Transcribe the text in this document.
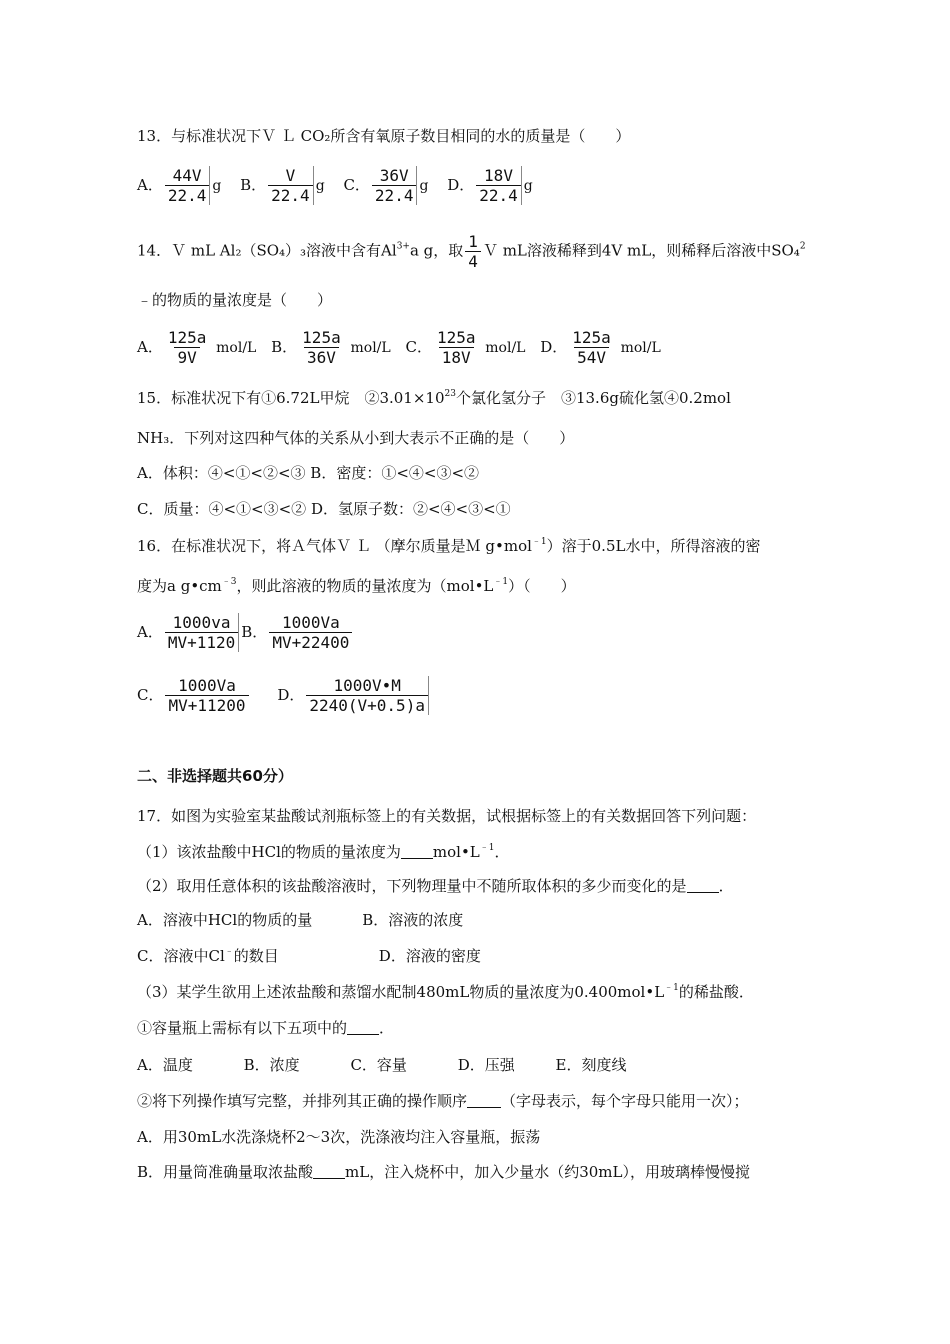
13．与标准状况下Ｖ Ｌ CO₂所含有氧原子数目相同的水的质量是（　　）
A． $\frac{44V}{22.4}$ g B． $\frac{V}{22.4}$ g C． $\frac{36V}{22.4}$ g D． $\frac{18V}{22.4}$ g
14．Ｖ mL Al₂（SO₄）₃溶液中含有$Al^{3+}a$ g，取 $\frac{1}{4}$ Ｖ mL溶液稀释到4V mL，则稀释后溶液中SO₄$^2$
﹣的物质的量浓度是（　　）
A． $\frac{125a}{9V} mol/L$ B． $\frac{125a}{36V} mol/L$ C． $\frac{125a}{18V} mol/L$ D． $\frac{125a}{54V} mol/L$
15．标准状况下有①6.72L甲烷　$②3.01\times 10^{23}$个氯化氢分子　③13.6g硫化氢④0.2mol
NH₃．下列对这四种气体的关系从小到大表示不正确的是（　　）
A．体积：④<①<②<③ B．密度：①<④<③<②
C．质量：④<①<③<② D．氢原子数：②<④<③<①
16．在标准状况下，将Ａ气体Ｖ Ｌ （摩尔质量是Ｍ g•mol$^{﹣1}$）溶于0.5L水中，所得溶液的密
度为a $g•cm^{﹣3}$，则此溶液的物质的量浓度为$(mol•L^{﹣1})$（　　）
A． $\frac{1000va}{MV+1120}$ B． $\frac{1000Va}{MV+22400}$
C． $\frac{1000Va}{MV+11200}$ D． $\frac{1000V•M}{2240(V+0.5)a}$
二、非选择题共60分）
17．如图为实验室某盐酸试剂瓶标签上的有关数据，试根据标签上的有关数据回答下列问题：
（1）该浓盐酸中HCl的物质的量浓度为 $mol•L^{﹣1}$．
（2）取用任意体积的该盐酸溶液时，下列物理量中不随所取体积的多少而变化的是 ．
A．溶液中HCl的物质的量	B．溶液的浓度
C．溶液中Cl﹣的数目	D．溶液的密度
（3）某学生欲用上述浓盐酸和蒸馏水配制480mL物质的量浓度为$0.400mol•L^{﹣1}$的稀盐酸．
①容量瓶上需标有以下五项中的 ．
A．温度	B．浓度	C．容量	D．压强	E．刻度线
②将下列操作填写完整，并排列其正确的操作顺序 （字母表示，每个字母只能用一次）；
A．用30mL水洗涤烧杯2～3次，洗涤液均注入容量瓶，振荡
B．用量筒准确量取浓盐酸 mL，注入烧杯中，加入少量水（约30mL），用玻璃棒慢慢搅
